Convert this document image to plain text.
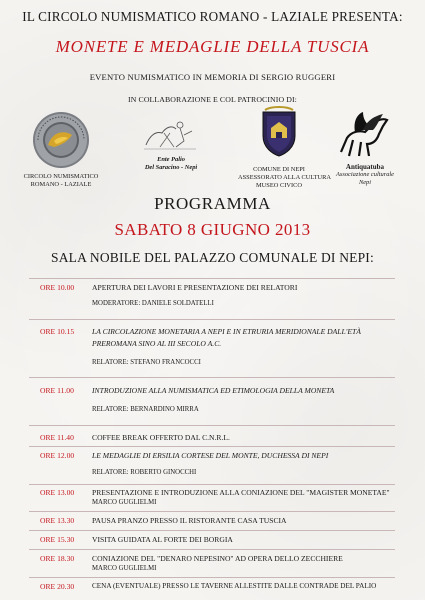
IL CIRCOLO NUMISMATICO ROMANO - LAZIALE PRESENTA:
MONETE E MEDAGLIE DELLA TUSCIA
EVENTO NUMISMATICO IN MEMORIA DI SERGIO RUGGERI
IN COLLABORAZIONE E COL PATROCINIO DI:
CIRCOLO NUMISMATICO
ROMANO - LAZIALE
Ente Palio
Del Saracino - Nepi	COMUNE DI NEPI
ASSESSORATO ALLA CULTURA
MUSEO CIVICO
Antiquatuba
Associazione culturale
Nepi
PROGRAMMA
SABATO 8 GIUGNO 2013
SALA NOBILE DEL PALAZZO COMUNALE DI NEPI:
ORE 10.00 APERTURA DEI LAVORI E PRESENTAZIONE DEI RELATORI
MODERATORE: DANIELE SOLDATELLI
ORE 10.15 LA CIRCOLAZIONE MONETARIA A NEPI E IN ETRURIA MERIDIONALE DALL'ETÀ
PREROMANA SINO AL III SECOLO A.C.
RELATORE: STEFANO FRANCOCCI
ORE 11.00 INTRODUZIONE ALLA NUMISMATICA ED ETIMOLOGIA DELLA MONETA
RELATORE: BERNARDINO MIRRA
ORE 11.40 COFFEE BREAK OFFERTO DAL C.N.R.L.
ORE 12.00 LE MEDAGLIE DI ERSILIA CORTESE DEL MONTE, DUCHESSA DI NEPI
RELATORE: ROBERTO GINOCCHI
ORE 13.00 PRESENTAZIONE E INTRODUZIONE ALLA CONIAZIONE DEL "MAGISTER MONETAE"
MARCO GUGLIELMI
ORE 13.30 PAUSA PRANZO PRESSO IL RISTORANTE CASA TUSCIA
ORE 15.30 VISITA GUIDATA AL FORTE DEI BORGIA
ORE 18.30 CONIAZIONE DEL "DENARO NEPESINO" AD OPERA DELLO ZECCHIERE
MARCO GUGLIELMI
ORE 20.30 CENA (EVENTUALE) PRESSO LE TAVERNE ALLESTITE DALLE CONTRADE DEL PALIO
